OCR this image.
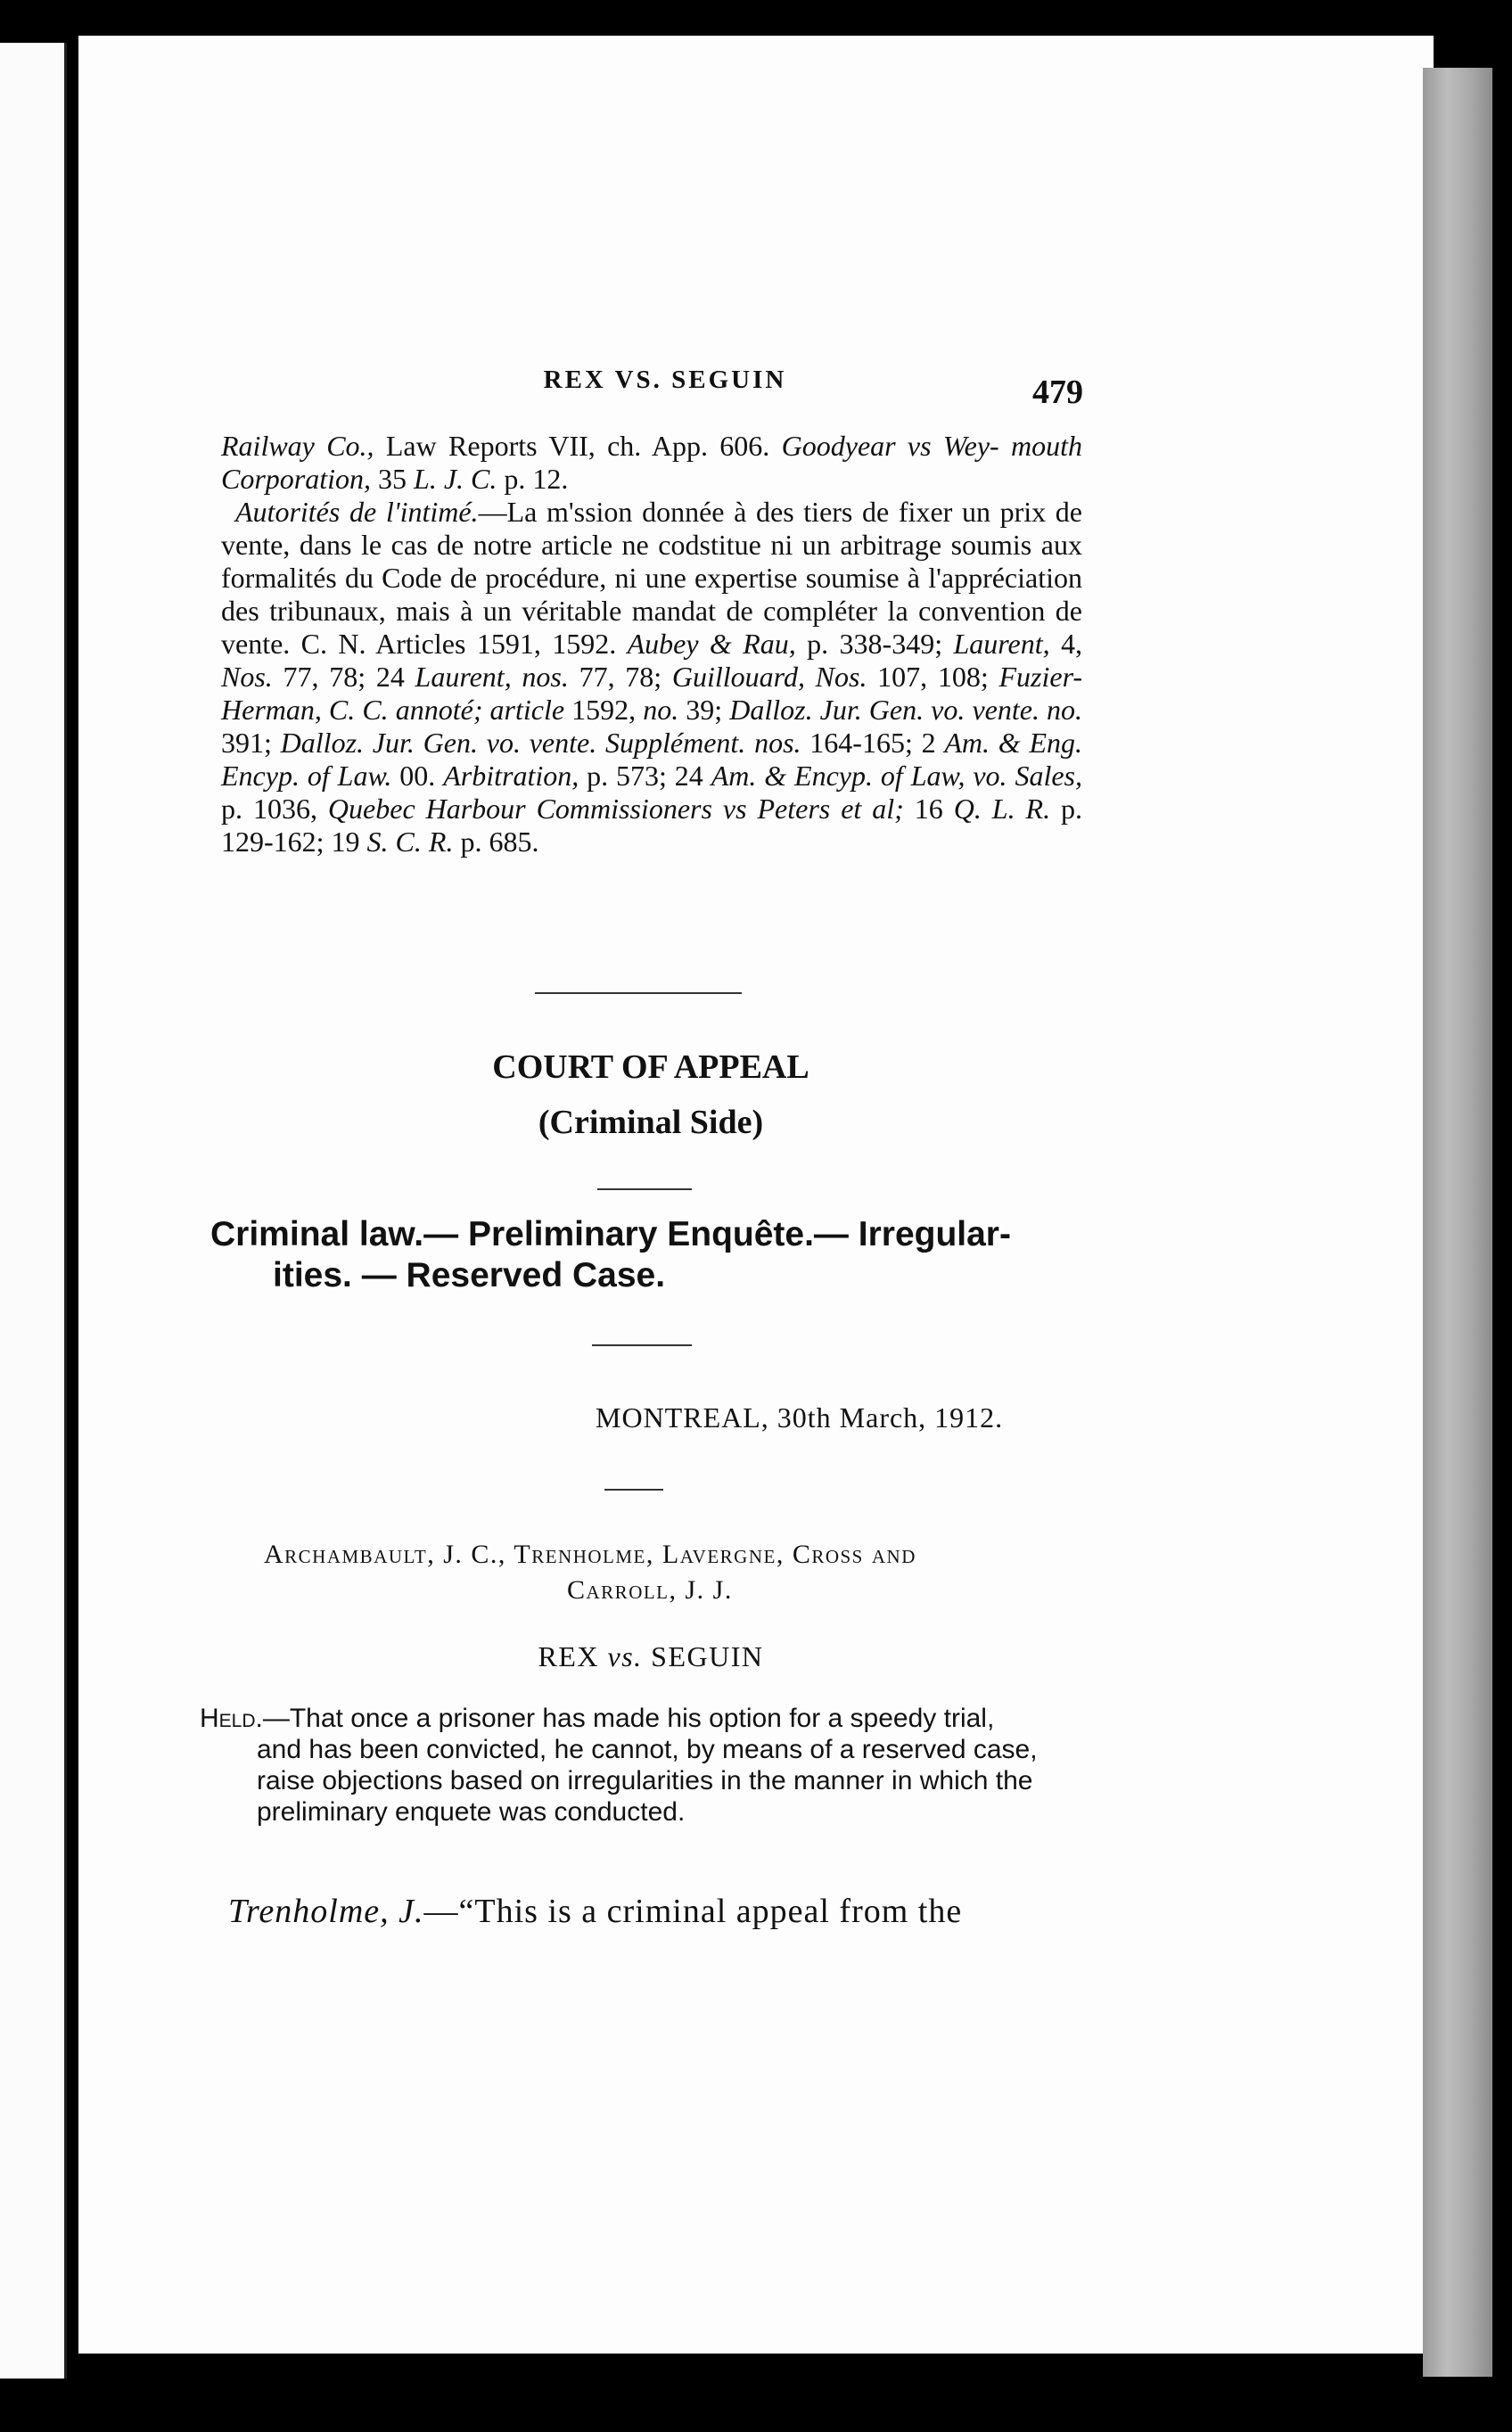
REX VS. SEGUIN	479

Railway Co., Law Reports VII, ch. App. 606. Goodyear vs Wey- mouth Corporation, 35 L. J. C. p. 12.

Autorités de l'intimé.—La m'ssion donnée à des tiers de fixer un prix de vente, dans le cas de notre article ne codstitue ni un arbitrage soumis aux formalités du Code de procédure, ni une expertise soumise à l'appréciation des tribunaux, mais à un véritable mandat de compléter la convention de vente. C. N. Articles 1591, 1592. Aubey & Rau, p. 338-349; Laurent, 4, Nos. 77, 78; 24 Laurent, nos. 77, 78; Guillouard, Nos. 107, 108; Fuzier-Herman, C. C. annoté; article 1592, no. 39; Dalloz. Jur. Gen. vo. vente. no. 391; Dalloz. Jur. Gen. vo. vente. Supplément. nos. 164-165; 2 Am. & Eng. Encyp. of Law. 00. Arbitration, p. 573; 24 Am. & Encyp. of Law, vo. Sales, p. 1036, Quebec Harbour Commissioners vs Peters et al; 16 Q. L. R. p. 129-162; 19 S. C. R. p. 685.

COURT OF APPEAL
(Criminal Side)
Criminal law.— Preliminary Enquête.— Irregular-
ities. — Reserved Case.
MONTREAL, 30th March, 1912.
Archambault, J. C., Trenholme, Lavergne, Cross and
Carroll, J. J.
REX vs. SEGUIN
Held.—That once a prisoner has made his option for a speedy trial,
and has been convicted, he cannot, by means of a reserved case, raise objections based on irregularities in the manner in which the preliminary enquete was conducted.
Trenholme, J.—“This is a criminal appeal from the
